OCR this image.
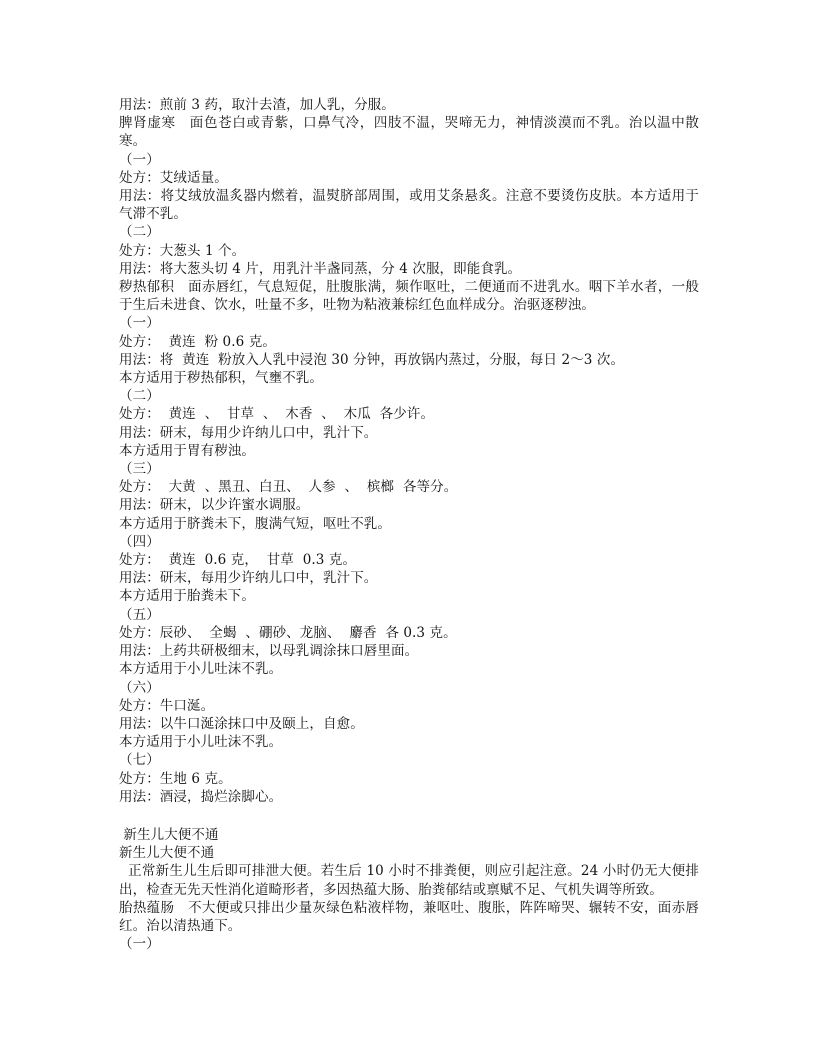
用法：煎前 3 药，取汁去渣，加人乳，分服。

脾肾虚寒　面色苍白或青紫，口鼻气冷，四肢不温，哭啼无力，神情淡漠而不乳。治以温中散寒。

（一）

处方：艾绒适量。

用法：将艾绒放温炙器内燃着，温熨脐部周围，或用艾条悬炙。注意不要烫伤皮肤。本方适用于气滞不乳。

（二）

处方：大葱头 1 个。

用法：将大葱头切 4 片，用乳汁半盏同蒸，分 4 次服，即能食乳。

秽热郁积　面赤唇红，气息短促，肚腹胀满，频作呕吐，二便通而不进乳水。咽下羊水者，一般于生后未进食、饮水，吐量不多，吐物为粘液兼棕红色血样成分。治驱逐秽浊。

（一）

处方：  黄连  粉 0.6 克。

用法：将  黄连  粉放入人乳中浸泡 30 分钟，再放锅内蒸过，分服，每日 2～3 次。

本方适用于秽热郁积，气壅不乳。

（二）

处方：  黄连  、  甘草  、  木香  、  木瓜  各少许。

用法：研末，每用少许纳儿口中，乳汁下。

本方适用于胃有秽浊。

（三）

处方：  大黄  、黑丑、白丑、  人参  、  槟榔  各等分。

用法：研末，以少许蜜水调服。

本方适用于脐粪未下，腹满气短，呕吐不乳。

（四）

处方：  黄连  0.6 克，  甘草  0.3 克。

用法：研末，每用少许纳儿口中，乳汁下。

本方适用于胎粪未下。

（五）

处方：辰砂、  全蝎  、硼砂、龙脑、  麝香  各 0.3 克。

用法：上药共研极细末，以母乳调涂抹口唇里面。

本方适用于小儿吐沫不乳。

（六）

处方：牛口涎。

用法：以牛口涎涂抹口中及颐上，自愈。

本方适用于小儿吐沫不乳。

（七）

处方：生地 6 克。

用法：酒浸，捣烂涂脚心。

新生儿大便不通

新生儿大便不通

正常新生儿生后即可排泄大便。若生后 10 小时不排粪便，则应引起注意。24 小时仍无大便排出，检查无先天性消化道畸形者，多因热蕴大肠、胎粪郁结或禀赋不足、气机失调等所致。

胎热蕴肠　不大便或只排出少量灰绿色粘液样物，兼呕吐、腹胀，阵阵啼哭、辗转不安，面赤唇红。治以清热通下。

（一）
